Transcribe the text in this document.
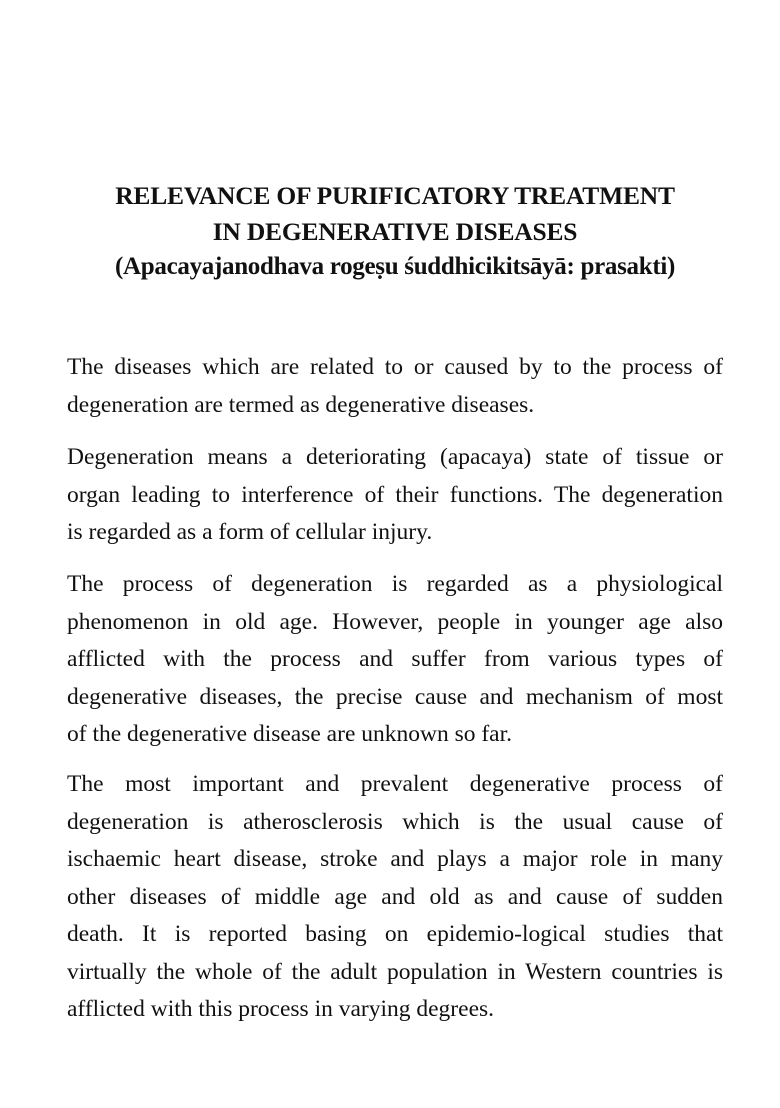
RELEVANCE OF PURIFICATORY TREATMENT
IN DEGENERATIVE DISEASES
(Apacayajanodhava rogeṣu śuddhicikitsāyā: prasakti)
The diseases which are related to or caused by to the process of
degeneration are termed as degenerative diseases.
Degeneration means a deteriorating (apacaya) state of tissue or
organ leading to interference of their functions. The degeneration
is regarded as a form of cellular injury.
The process of degeneration is regarded as a physiological
phenomenon in old age. However, people in younger age also
afflicted with the process and suffer from various types of
degenerative diseases, the precise cause and mechanism of most
of the degenerative disease are unknown so far.
The most important and prevalent degenerative process of
degeneration is atherosclerosis which is the usual cause of
ischaemic heart disease, stroke and plays a major role in many
other diseases of middle age and old as and cause of sudden
death. It is reported basing on epidemio-logical studies that
virtually the whole of the adult population in Western countries is
afflicted with this process in varying degrees.
